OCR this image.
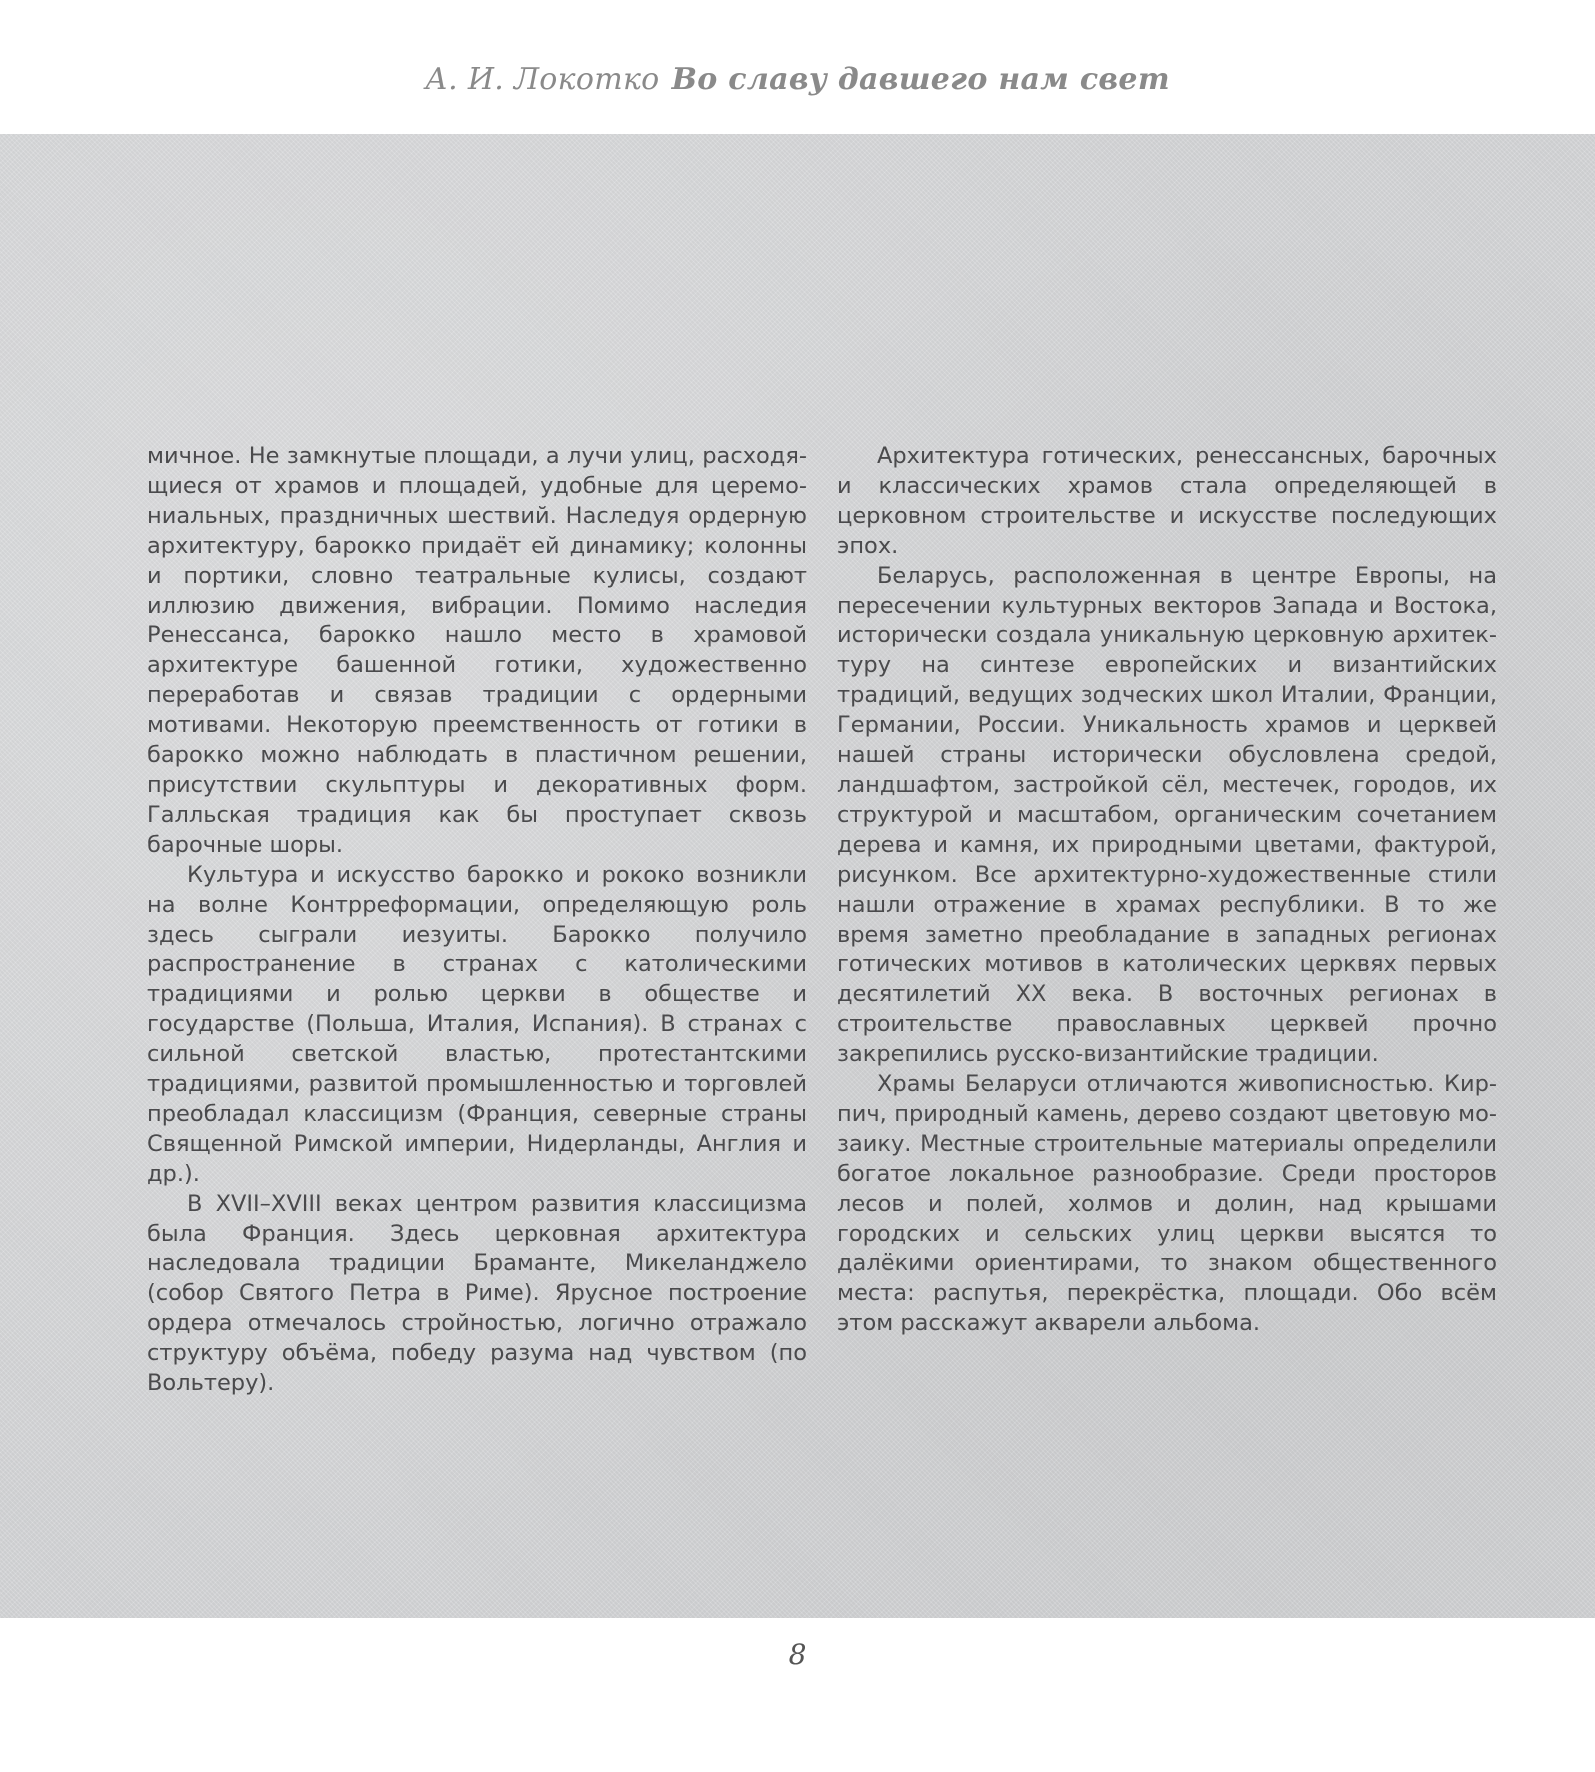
А. И. Локотко Во славу давшего нам свет

мичное. Не замкнутые площади, а лучи улиц, расходящиеся от храмов и площадей, удобные для церемониальных, праздничных шествий. Наследуя ордерную архитектуру, барокко придаёт ей динамику; колонны и портики, словно театральные кулисы, создают иллюзию движения, вибрации. Помимо наследия Ренессанса, барокко нашло место в храмовой архитектуре башенной готики, художественно переработав и связав традиции с ордерными мотивами. Некоторую преемственность от готики в барокко можно наблюдать в пластичном решении, присутствии скульптуры и декоративных форм. Галльская традиция как бы проступает сквозь барочные шоры.

Культура и искусство барокко и рококо возникли на волне Контрреформации, определяющую роль здесь сыграли иезуиты. Барокко получило распространение в странах с католическими традициями и ролью церкви в обществе и государстве (Польша, Италия, Испания). В странах с сильной светской властью, протестантскими традициями, развитой промышленностью и торговлей преобладал классицизм (Франция, северные страны Священной Римской империи, Нидерланды, Англия и др.).

В XVII–XVIII веках центром развития классицизма была Франция. Здесь церковная архитектура наследовала традиции Браманте, Микеланджело (собор Святого Петра в Риме). Ярусное построение ордера отмечалось стройностью, логично отражало структуру объёма, победу разума над чувством (по Вольтеру).

Архитектура готических, ренессансных, барочных и классических храмов стала определяющей в церковном строительстве и искусстве последующих эпох.

Беларусь, расположенная в центре Европы, на пересечении культурных векторов Запада и Востока, исторически создала уникальную церковную архитектуру на синтезе европейских и византийских традиций, ведущих зодческих школ Италии, Франции, Германии, России. Уникальность храмов и церквей нашей страны исторически обусловлена средой, ландшафтом, застройкой сёл, местечек, городов, их структурой и масштабом, органическим сочетанием дерева и камня, их природными цветами, фактурой, рисунком. Все архитектурно-художественные стили нашли отражение в храмах республики. В то же время заметно преобладание в западных регионах готических мотивов в католических церквях первых десятилетий XX века. В восточных регионах в строительстве православных церквей прочно закрепились русско-византийские традиции.

Храмы Беларуси отличаются живописностью. Кирпич, природный камень, дерево создают цветовую мозаику. Местные строительные материалы определили богатое локальное разнообразие. Среди просторов лесов и полей, холмов и долин, над крышами городских и сельских улиц церкви высятся то далёкими ориентирами, то знаком общественного места: распутья, перекрёстка, площади. Обо всём этом расскажут акварели альбома.

8
